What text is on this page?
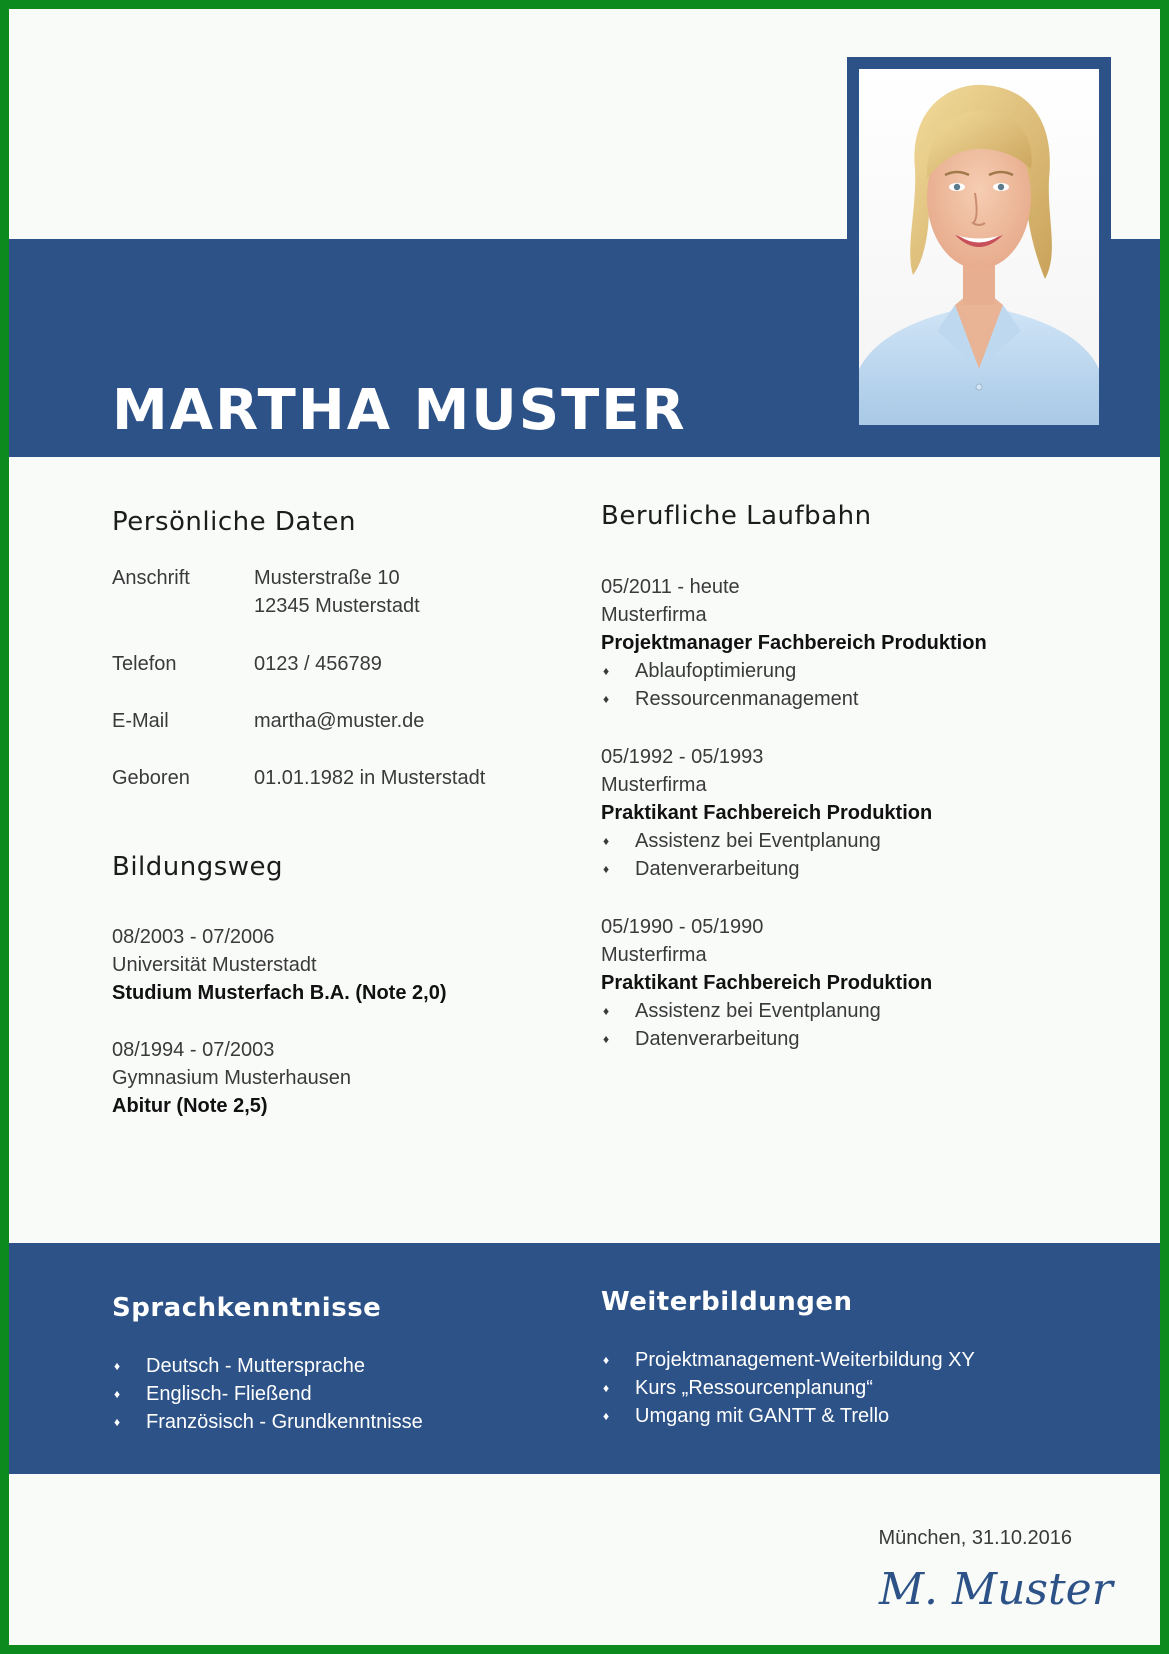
MARTHA MUSTER
Persönliche Daten
Anschrift	Musterstraße 10
12345 Musterstadt
Telefon	0123 / 456789
E-Mail	martha@muster.de
Geboren	01.01.1982 in Musterstadt
Bildungsweg
08/2003 - 07/2006
Universität Musterstadt
Studium Musterfach B.A. (Note 2,0)
08/1994 - 07/2003
Gymnasium Musterhausen
Abitur (Note 2,5)
Berufliche Laufbahn
05/2011 - heute
Musterfirma
Projektmanager Fachbereich Produktion
♦ Ablaufoptimierung
♦ Ressourcenmanagement
05/1992 - 05/1993
Musterfirma
Praktikant Fachbereich Produktion
♦ Assistenz bei Eventplanung
♦ Datenverarbeitung
05/1990 - 05/1990
Musterfirma
Praktikant Fachbereich Produktion
♦ Assistenz bei Eventplanung
♦ Datenverarbeitung
Sprachkenntnisse
♦ Deutsch - Muttersprache
♦ Englisch- Fließend
♦ Französisch - Grundkenntnisse
Weiterbildungen
♦ Projektmanagement-Weiterbildung XY
♦ Kurs „Ressourcenplanung“
♦ Umgang mit GANTT & Trello
München, 31.10.2016
M. Muster
